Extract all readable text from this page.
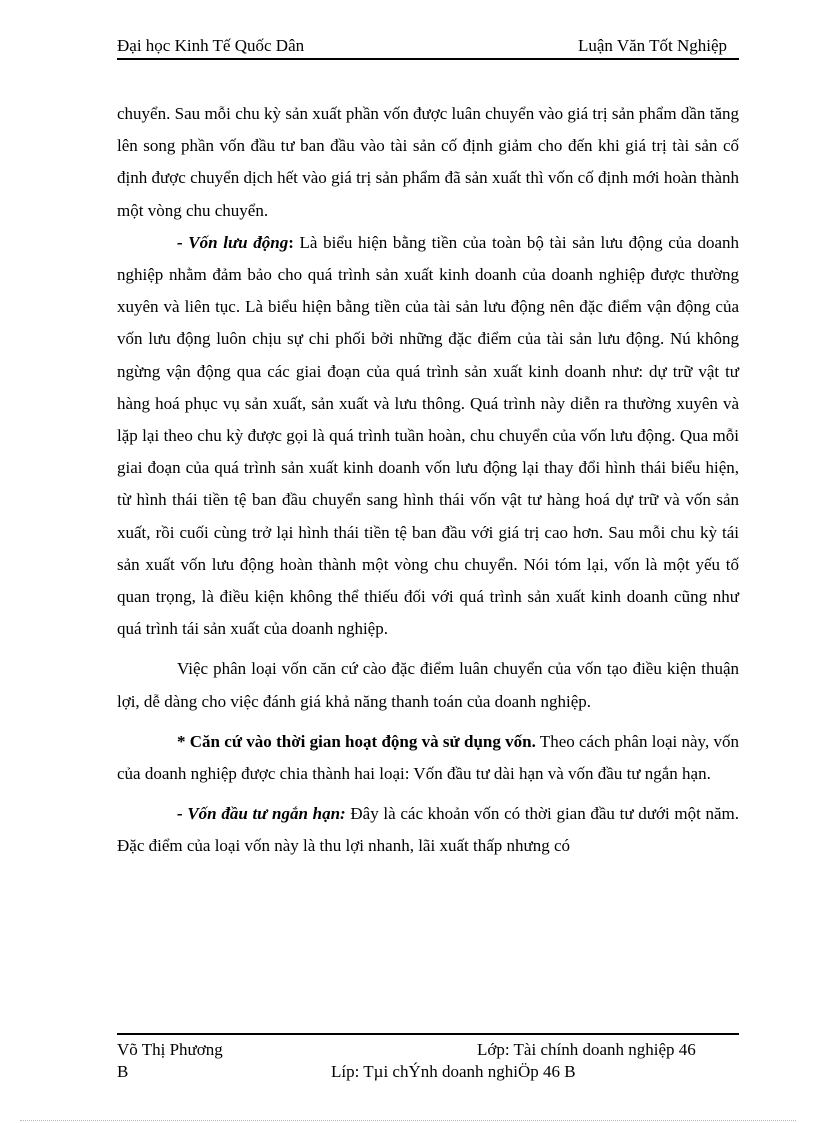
Đại học Kinh Tế Quốc Dân	Luận Văn Tốt Nghiệp

chuyển. Sau mỗi chu kỳ sản xuất phần vốn được luân chuyển vào giá trị sản phẩm dần tăng lên song phần vốn đầu tư ban đầu vào tài sản cố định giảm cho đến khi giá trị tài sản cố định được chuyển dịch hết vào giá trị sản phẩm đã sản xuất thì vốn cố định mới hoàn thành một vòng chu chuyển.

- Vốn lưu động: Là biểu hiện bằng tiền của toàn bộ tài sản lưu động của doanh nghiệp nhằm đảm bảo cho quá trình sản xuất kinh doanh của doanh nghiệp được thường xuyên và liên tục. Là biểu hiện bằng tiền của tài sản lưu động nên đặc điểm vận động của vốn lưu động luôn chịu sự chi phối bởi những đặc điểm của tài sản lưu động. Nú không ngừng vận động qua các giai đoạn của quá trình sản xuất kinh doanh như: dự trữ vật tư hàng hoá phục vụ sản xuất, sản xuất và lưu thông. Quá trình này diễn ra thường xuyên và lặp lại theo chu kỳ được gọi là quá trình tuần hoàn, chu chuyển của vốn lưu động. Qua mỗi giai đoạn của quá trình sản xuất kinh doanh vốn lưu động lại thay đổi hình thái biểu hiện, từ hình thái tiền tệ ban đầu chuyển sang hình thái vốn vật tư hàng hoá dự trữ và vốn sản xuất, rồi cuối cùng trở lại hình thái tiền tệ ban đầu với giá trị cao hơn. Sau mỗi chu kỳ tái sản xuất vốn lưu động hoàn thành một vòng chu chuyển. Nói tóm lại, vốn là một yếu tố quan trọng, là điều kiện không thể thiếu đối với quá trình sản xuất kinh doanh cũng như quá trình tái sản xuất của doanh nghiệp.

Việc phân loại vốn căn cứ cào đặc điểm luân chuyển của vốn tạo điều kiện thuận lợi, dễ dàng cho việc đánh giá khả năng thanh toán của doanh nghiệp.

* Căn cứ vào thời gian hoạt động và sử dụng vốn. Theo cách phân loại này, vốn của doanh nghiệp được chia thành hai loại: Vốn đầu tư dài hạn và vốn đầu tư ngắn hạn.

- Vốn đầu tư ngắn hạn: Đây là các khoản vốn có thời gian đầu tư dưới một năm. Đặc điểm của loại vốn này là thu lợi nhanh, lãi xuất thấp nhưng có

Võ Thị Phương	Lớp: Tài chính doanh nghiệp 46
B	Líp: Tµi chÝnh doanh nghiÖp 46 B
